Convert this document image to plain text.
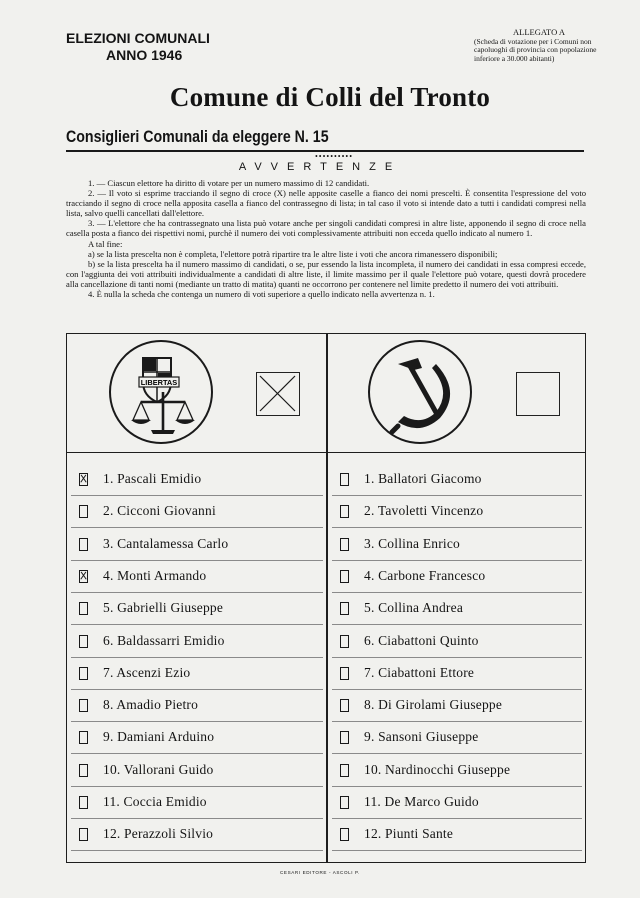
ELEZIONI COMUNALI
ANNO 1946
ALLEGATO A
(Scheda di votazione per i Comuni non capoluoghi di provincia con popolazione inferiore a 30.000 abitanti)
Comune di Colli del Tronto
Consiglieri Comunali da eleggere N. 15
••••••••••
AVVERTENZE

1. — Ciascun elettore ha diritto di votare per un numero massimo di 12 candidati.

2. — Il voto si esprime tracciando il segno di croce (X) nelle apposite caselle a fianco dei nomi prescelti. È consentita l'espressione del voto tracciando il segno di croce nella apposita casella a fianco del contrassegno di lista; in tal caso il voto si intende dato a tutti i candidati compresi nella lista, salvo quelli cancellati dall'elettore.

3. — L'elettore che ha contrassegnato una lista può votare anche per singoli candidati compresi in altre liste, apponendo il segno di croce nella casella posta a fianco dei rispettivi nomi, purchè il numero dei voti complessivamente attribuiti non ecceda quello indicato al numero 1.

A tal fine:

a) se la lista prescelta non è completa, l'elettore potrà ripartire tra le altre liste i voti che ancora rimanessero disponibili;

b) se la lista prescelta ha il numero massimo di candidati, o se, pur essendo la lista incompleta, il numero dei candidati in essa compresi eccede, con l'aggiunta dei voti attribuiti individualmente a candidati di altre liste, il limite massimo per il quale l'elettore può votare, questi dovrà procedere alla cancellazione di tanti nomi (mediante un tratto di matita) quanti ne occorrono per contenere nel limite predetto il numero dei voti attribuiti.

4. È nulla la scheda che contenga un numero di voti superiore a quello indicato nella avvertenza n. 1.

LIBERTAS
1. Pascali Emidio
2. Cicconi Giovanni
3. Cantalamessa Carlo
4. Monti Armando
5. Gabrielli Giuseppe
6. Baldassarri Emidio
7. Ascenzi Ezio
8. Amadio Pietro
9. Damiani Arduino
10. Vallorani Guido
11. Coccia Emidio
12. Perazzoli Silvio
1. Ballatori Giacomo
2. Tavoletti Vincenzo
3. Collina Enrico
4. Carbone Francesco
5. Collina Andrea
6. Ciabattoni Quinto
7. Ciabattoni Ettore
8. Di Girolami Giuseppe
9. Sansoni Giuseppe
10. Nardinocchi Giuseppe
11. De Marco Guido
12. Piunti Sante
CESARI EDITORE - ASCOLI P.
